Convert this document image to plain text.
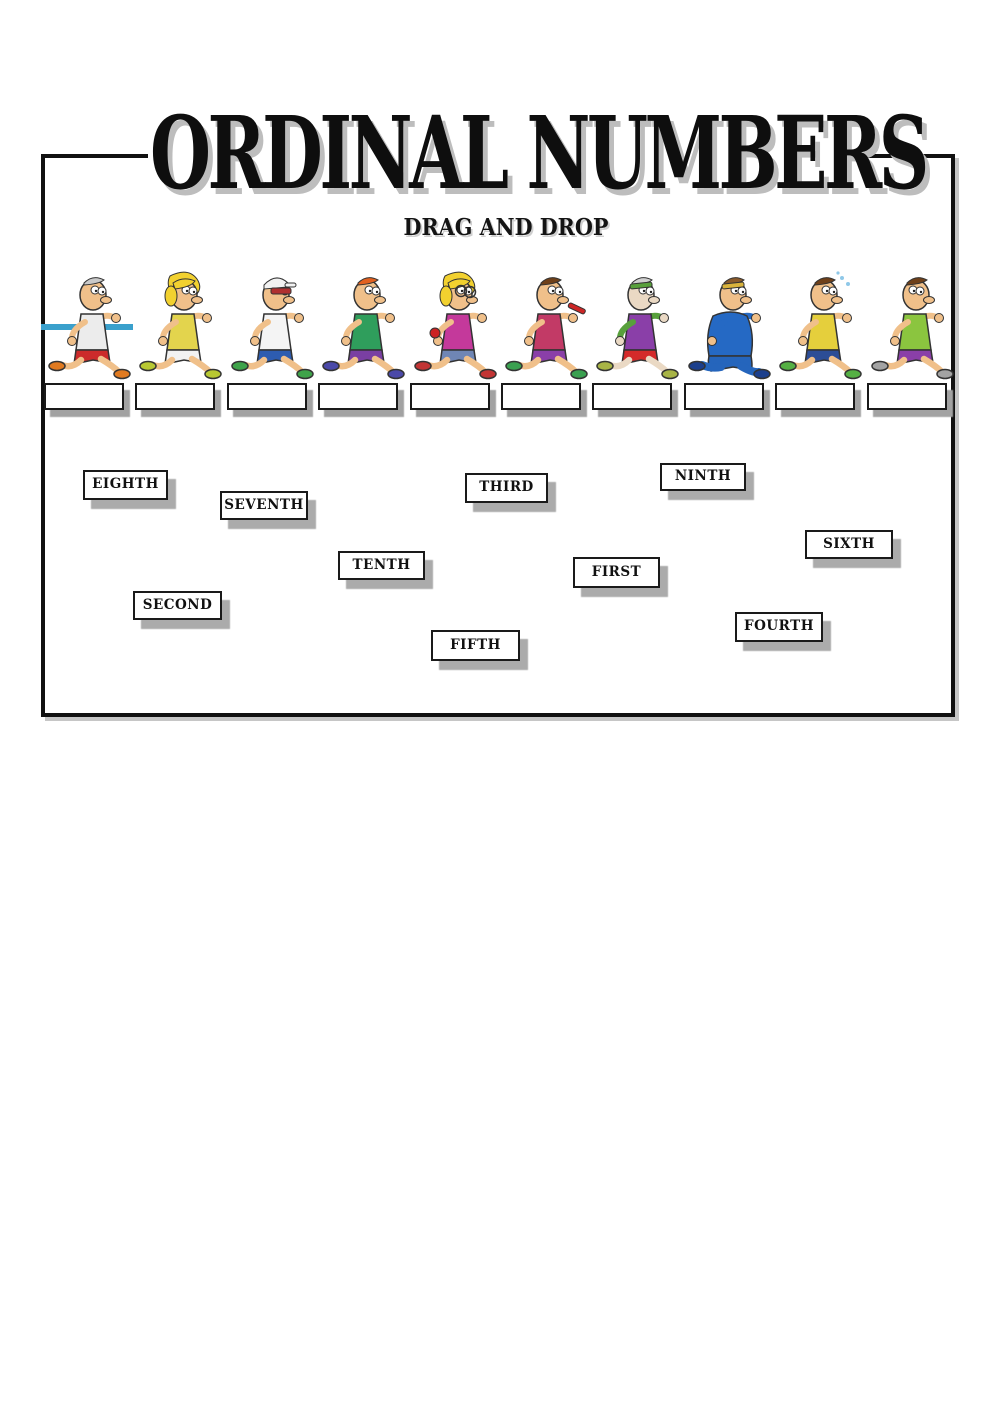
ORDINAL NUMBERS
DRAG AND DROP
EIGHTH	NINTH
THIRD
SEVENTH
SIXTH
TENTH	FIRST
SECOND
FOURTH
FIFTH
